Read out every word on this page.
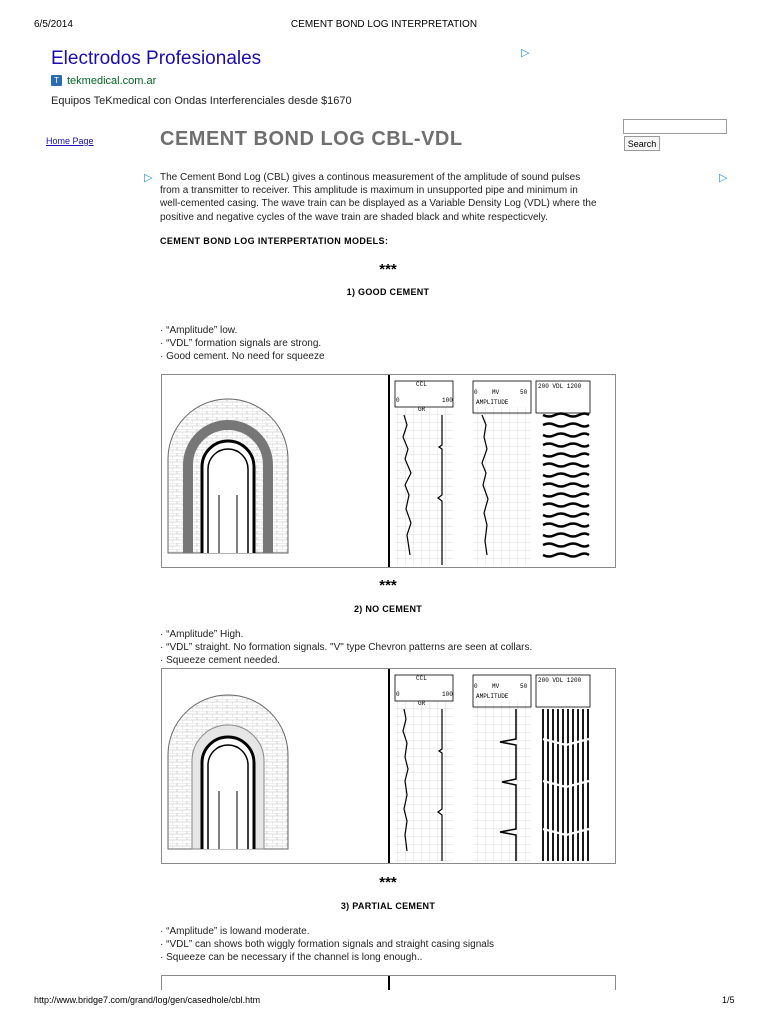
6/5/2014	CEMENT BOND LOG INTERPRETATION
Electrodos Profesionales
T tekmedical.com.ar
Equipos TeKmedical con Ondas Interferenciales desde $1670
▷
Home Page	Search
CEMENT BOND LOG CBL-VDL
▷	▷
The Cement Bond Log (CBL) gives a continous measurement of the amplitude of sound pulses from a transmitter to receiver. This amplitude is maximum in unsupported pipe and minimum in well-cemented casing. The wave train can be displayed as a Variable Density Log (VDL) where the positive and negative cycles of the wave train are shaded black and white respecticvely.
CEMENT BOND LOG INTERPERTATION MODELS:
***
1) GOOD CEMENT
· “Amplitude” low.
· “VDL” formation signals are strong.
· Good cement. No need for squeeze
CCL
0	100
GR
0 MV	50
AMPLITUDE
200 VDL 1200
***
2) NO CEMENT
· “Amplitude” High.
· “VDL” straight. No formation signals. "V" type Chevron patterns are seen at collars.
· Squeeze cement needed.
CCL
0	100
GR
0 MV	50
AMPLITUDE
200 VDL 1200
***
3) PARTIAL CEMENT
· “Amplitude” is lowand moderate.
· “VDL” can shows both wiggly formation signals and straight casing signals
· Squeeze can be necessary if the channel is long enough..
http://www.bridge7.com/grand/log/gen/casedhole/cbl.htm	1/5
